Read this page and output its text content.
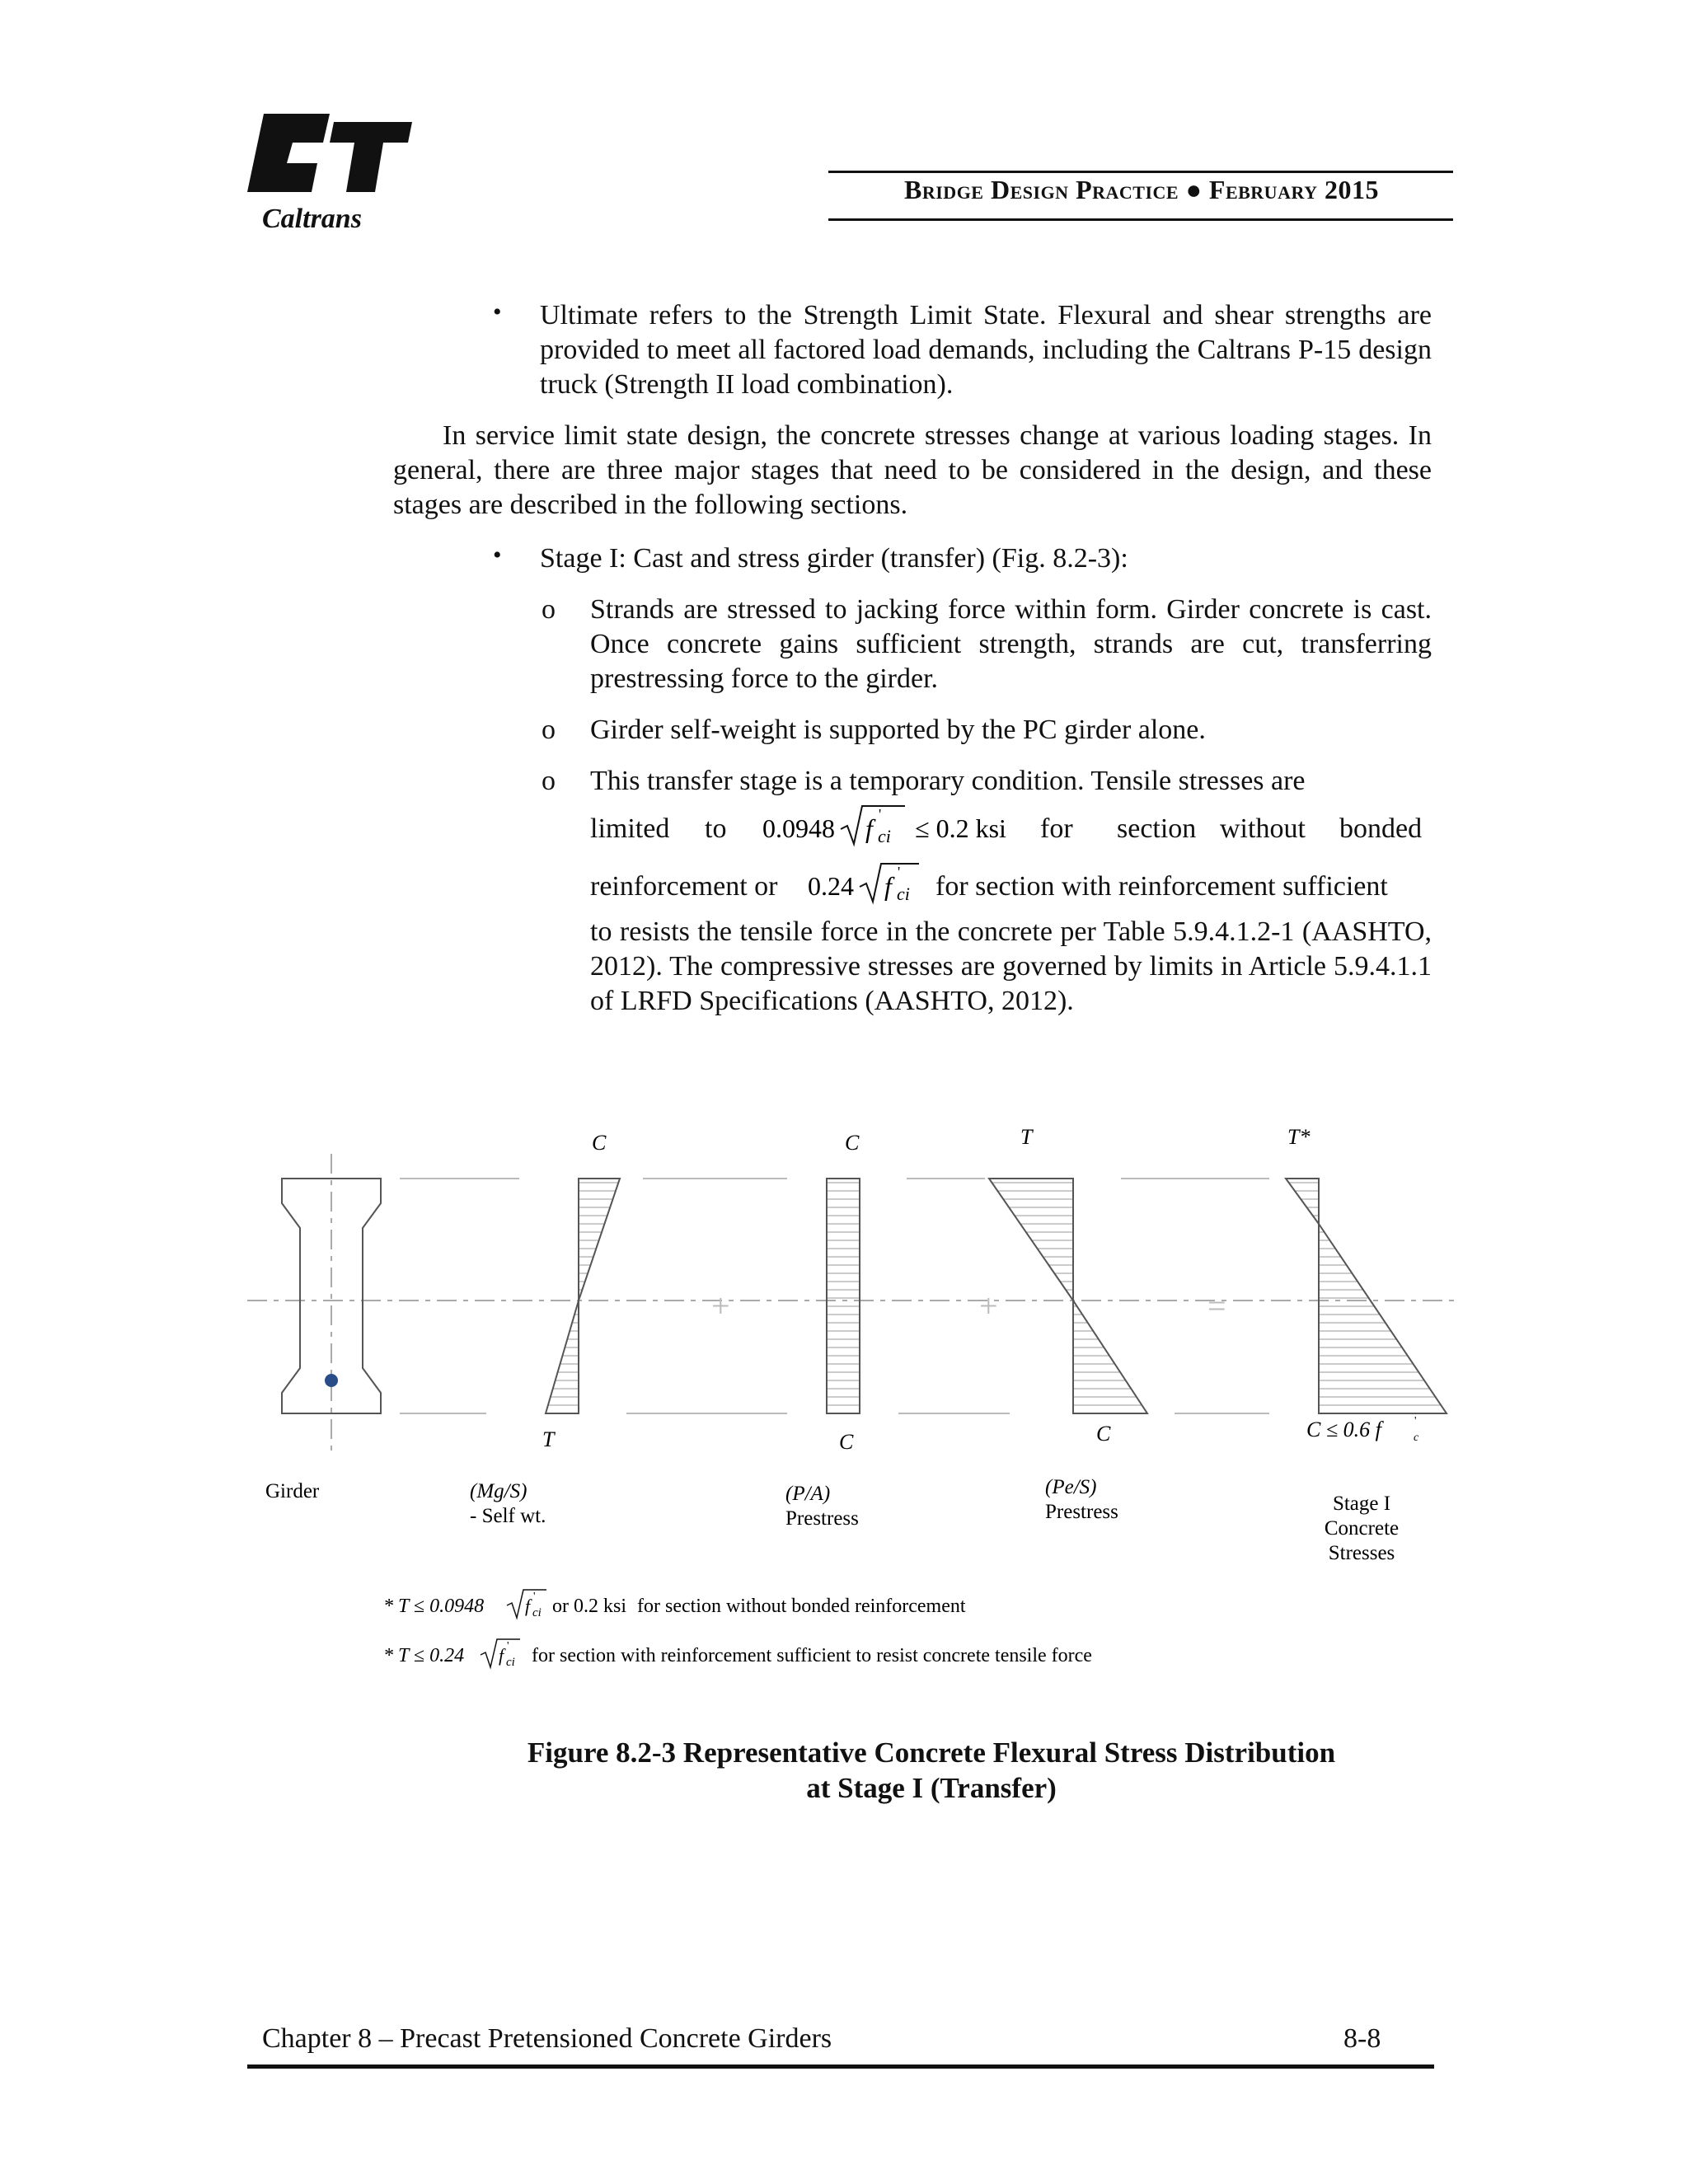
Caltrans
Bridge Design Practice ● February 2015
• Ultimate refers to the Strength Limit State. Flexural and shear strengths are provided to meet all factored load demands, including the Caltrans P-15 design truck (Strength II load combination).
In service limit state design, the concrete stresses change at various loading stages. In general, there are three major stages that need to be considered in the design, and these stages are described in the following sections.
• Stage I: Cast and stress girder (transfer) (Fig. 8.2-3):
o Strands are stressed to jacking force within form. Girder concrete is cast. Once concrete gains sufficient strength, strands are cut, transferring prestressing force to the girder.
o Girder self-weight is supported by the PC girder alone.
o This transfer stage is a temporary condition. Tensile stresses are
limited to 0.0948 f ci
' ≤ 0.2 ksi for section without bonded
reinforcement or 0.24 f ci
' for section with reinforcement sufficient
to resists the tensile force in the concrete per Table 5.9.4.1.2-1 (AASHTO, 2012). The compressive stresses are governed by limits in Article 5.9.4.1.1 of LRFD Specifications (AASHTO, 2012).
C
T
+
C
C
+
T
C
=
T*
C ≤ 0.6 f	c
'
Girder	(Mg/S)
- Self wt.
(P/A)
Prestress
(Pe/S)
Prestress	Stage I
Concrete
Stresses
* T ≤ 0.0948 f ci
' or 0.2 ksi for section without bonded reinforcement
* T ≤ 0.24 f ci
' for section with reinforcement sufficient to resist concrete tensile force
Figure 8.2-3 Representative Concrete Flexural Stress Distribution
at Stage I (Transfer)
Chapter 8 – Precast Pretensioned Concrete Girders	8-8
